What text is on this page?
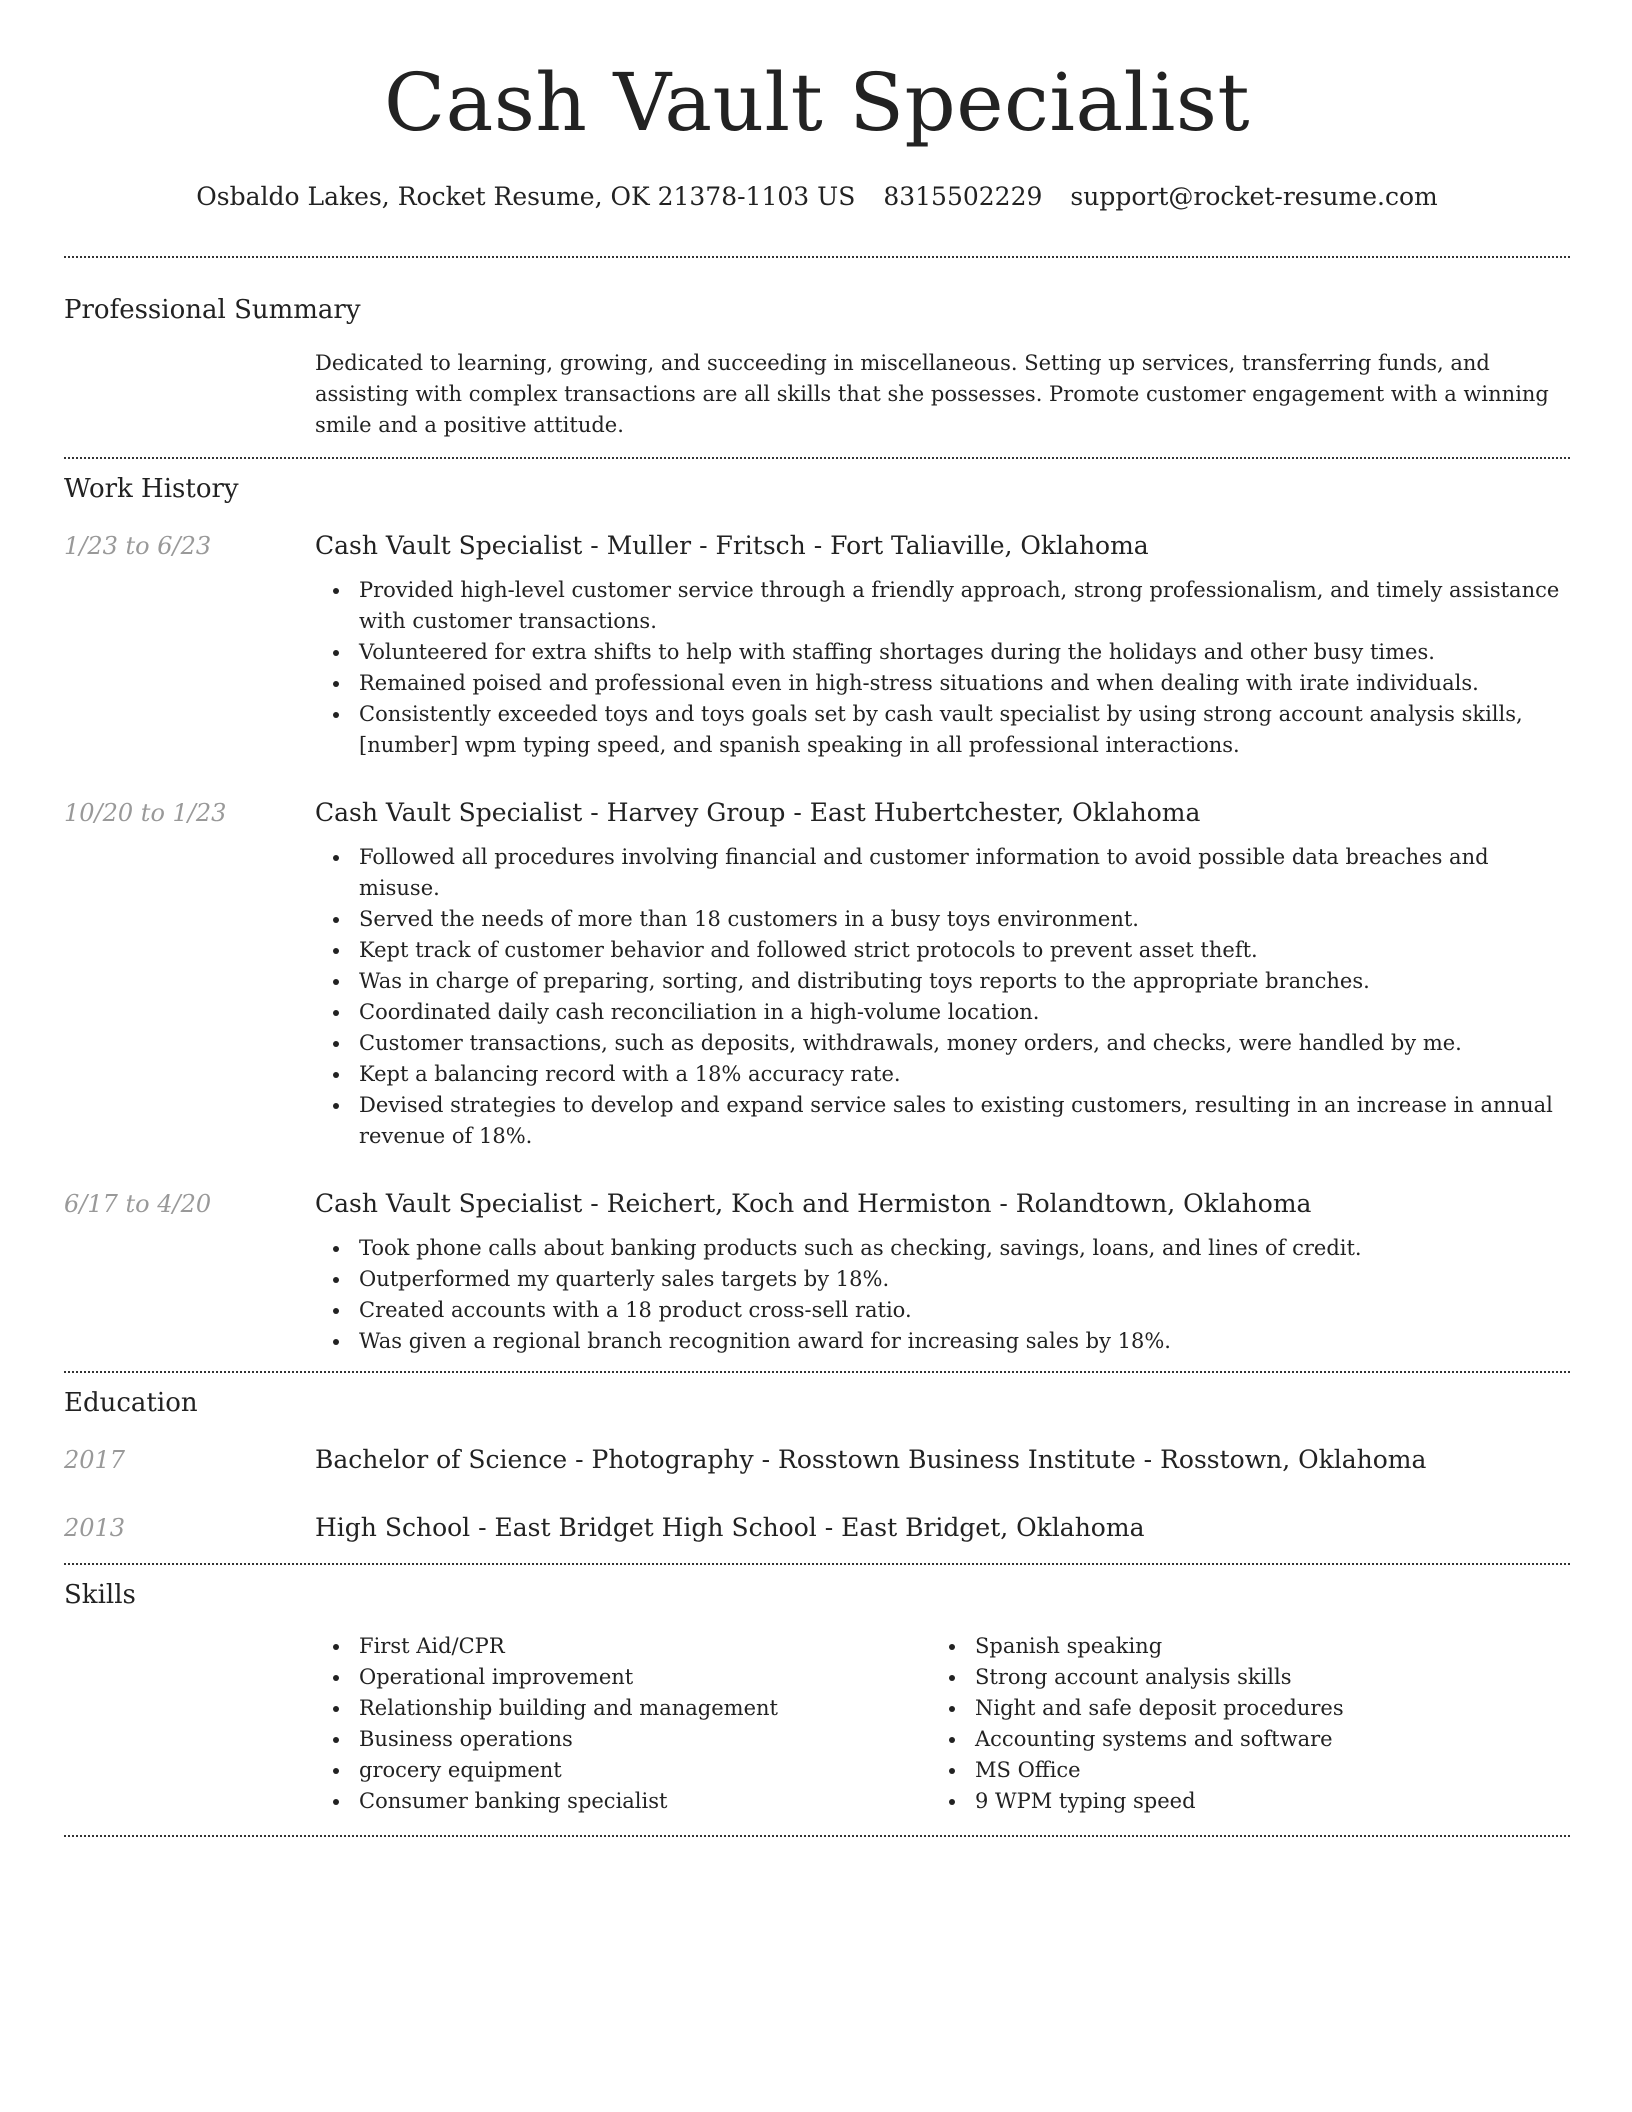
Cash Vault Specialist
Osbaldo Lakes, Rocket Resume, OK 21378-1103 US 8315502229 support@rocket-resume.com
Professional Summary

Dedicated to learning, growing, and succeeding in miscellaneous. Setting up services, transferring funds, and assisting with complex transactions are all skills that she possesses. Promote customer engagement with a winning smile and a positive attitude.

Work History
1/23 to 6/23	Cash Vault Specialist - Muller - Fritsch - Fort Taliaville, Oklahoma
Provided high-level customer service through a friendly approach, strong professionalism, and timely assistance with customer transactions.
Volunteered for extra shifts to help with staffing shortages during the holidays and other busy times.
Remained poised and professional even in high-stress situations and when dealing with irate individuals.
Consistently exceeded toys and toys goals set by cash vault specialist by using strong account analysis skills, [number] wpm typing speed, and spanish speaking in all professional interactions.
10/20 to 1/23	Cash Vault Specialist - Harvey Group - East Hubertchester, Oklahoma
Followed all procedures involving financial and customer information to avoid possible data breaches and misuse.
Served the needs of more than 18 customers in a busy toys environment.
Kept track of customer behavior and followed strict protocols to prevent asset theft.
Was in charge of preparing, sorting, and distributing toys reports to the appropriate branches.
Coordinated daily cash reconciliation in a high-volume location.
Customer transactions, such as deposits, withdrawals, money orders, and checks, were handled by me.
Kept a balancing record with a 18% accuracy rate.
Devised strategies to develop and expand service sales to existing customers, resulting in an increase in annual revenue of 18%.
6/17 to 4/20	Cash Vault Specialist - Reichert, Koch and Hermiston - Rolandtown, Oklahoma
Took phone calls about banking products such as checking, savings, loans, and lines of credit.
Outperformed my quarterly sales targets by 18%.
Created accounts with a 18 product cross-sell ratio.
Was given a regional branch recognition award for increasing sales by 18%.
Education
2017	Bachelor of Science - Photography - Rosstown Business Institute - Rosstown, Oklahoma
2013	High School - East Bridget High School - East Bridget, Oklahoma
Skills
First Aid/CPR
Operational improvement
Relationship building and management
Business operations
grocery equipment
Consumer banking specialist
Spanish speaking
Strong account analysis skills
Night and safe deposit procedures
Accounting systems and software
MS Office
9 WPM typing speed
